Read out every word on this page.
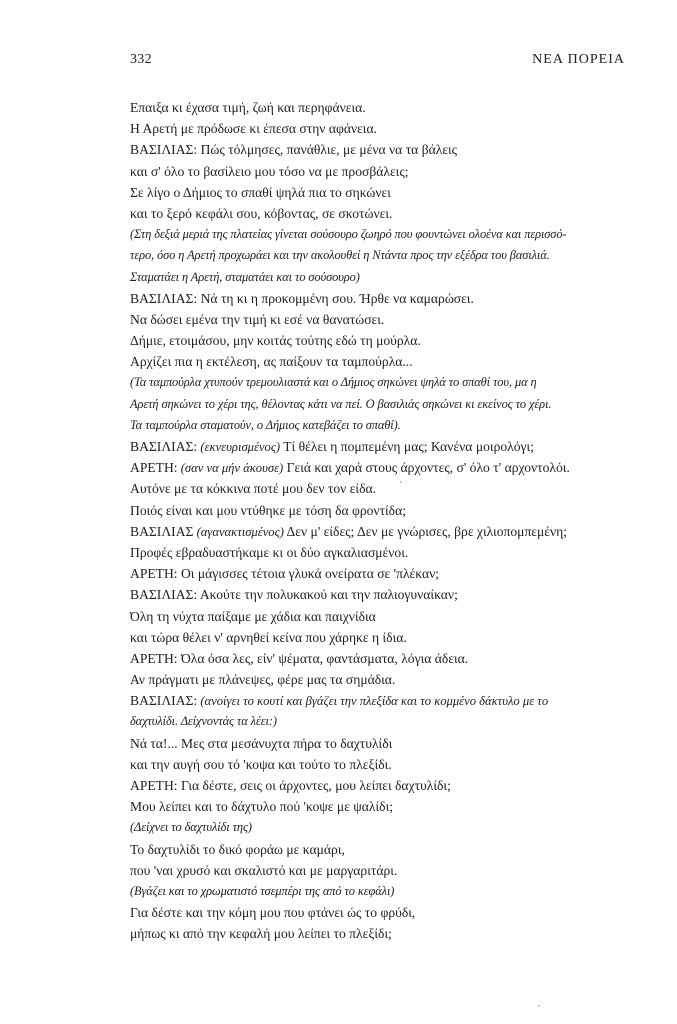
332	ΝΕΑ ΠΟΡΕΙΑ
Επαιξα κι έχασα τιμή, ζωή και περηφάνεια.
Η Αρετή με πρόδωσε κι έπεσα στην αφάνεια.
ΒΑΣΙΛΙΑΣ: Πώς τόλμησες, πανάθλιε, με μένα να τα βάλεις
και σ' όλο το βασίλειο μου τόσο να με προσβάλεις;
Σε λίγο ο Δήμιος το σπαθί ψηλά πια το σηκώνει
και το ξερό κεφάλι σου, κόβοντας, σε σκοτώνει.
(Στη δεξιά μεριά της πλατείας γίνεται σούσουρο ζωηρό που φουντώνει ολοένα και περισσό-
τερο, όσο η Αρετή προχωράει και την ακολουθεί η Ντάντα προς την εξέδρα του βασιλιά.
Σταματάει η Αρετή, σταματάει και το σούσουρο)
ΒΑΣΙΛΙΑΣ: Νά τη κι η προκομμένη σου. Ήρθε να καμαρώσει.
Να δώσει εμένα την τιμή κι εσέ να θανατώσει.
Δήμιε, ετοιμάσου, μην κοιτάς τούτης εδώ τη μούρλα.
Αρχίζει πια η εκτέλεση, ας παίξουν τα ταμπούρλα...
(Τα ταμπούρλα χτυπούν τρεμουλιαστά και ο Δήμιος σηκώνει ψηλά το σπαθί του, μα η
Αρετή σηκώνει το χέρι της, θέλοντας κάτι να πεί. Ο βασιλιάς σηκώνει κι εκείνος το χέρι.
Τα ταμπούρλα σταματούν, ο Δήμιος κατεβάζει το σπαθί).
ΒΑΣΙΛΙΑΣ: (εκνευρισμένος) Τί θέλει η πομπεμένη μας; Κανένα μοιρολόγι;
ΑΡΕΤΗ: (σαν να μήν άκουσε) Γειά και χαρά στους άρχοντες, σ' όλο τ' αρχοντολόι.
Αυτόνε με τα κόκκινα ποτέ μου δεν τον είδα.
Ποιός είναι και μου ντύθηκε με τόση δα φροντίδα;
ΒΑΣΙΛΙΑΣ (αγανακτισμένος) Δεν μ' είδες; Δεν με γνώρισες, βρε χιλιοπομπεμένη;
Προφές εβραδυαστήκαμε κι οι δύο αγκαλιασμένοι.
ΑΡΕΤΗ: Οι μάγισσες τέτοια γλυκά ονείρατα σε 'πλέκαν;
ΒΑΣΙΛΙΑΣ: Ακούτε την πολυκακού και την παλιογυναίκαν;
Όλη τη νύχτα παίξαμε με χάδια και παιχνίδια
και τώρα θέλει ν' αρνηθεί κείνα που χάρηκε η ίδια.
ΑΡΕΤΗ: Όλα όσα λες, είν' ψέματα, φαντάσματα, λόγια άδεια.
Αν πράγματι με πλάνεψες, φέρε μας τα σημάδια.
ΒΑΣΙΛΙΑΣ: (ανοίγει το κουτί και βγάζει την πλεξίδα και το κομμένο δάκτυλο με το
δαχτυλίδι. Δείχνοντάς τα λέει:)
Νά τα!... Μες στα μεσάνυχτα πήρα το δαχτυλίδι
και την αυγή σου τό 'κοψα και τούτο το πλεξίδι.
ΑΡΕΤΗ: Για δέστε, σεις οι άρχοντες, μου λείπει δαχτυλίδι;
Μου λείπει και το δάχτυλο πού 'κοψε με ψαλίδι;
(Δείχνει το δαχτυλίδι της)
Το δαχτυλίδι το δικό φοράω με καμάρι,
που 'ναι χρυσό και σκαλιστό και με μαργαριτάρι.
(Βγάζει και το χρωματιστό τσεμπέρι της από το κεφάλι)
Για δέστε και την κόμη μου που φτάνει ώς το φρύδι,
μήπως κι από την κεφαλή μου λείπει το πλεξίδι;
